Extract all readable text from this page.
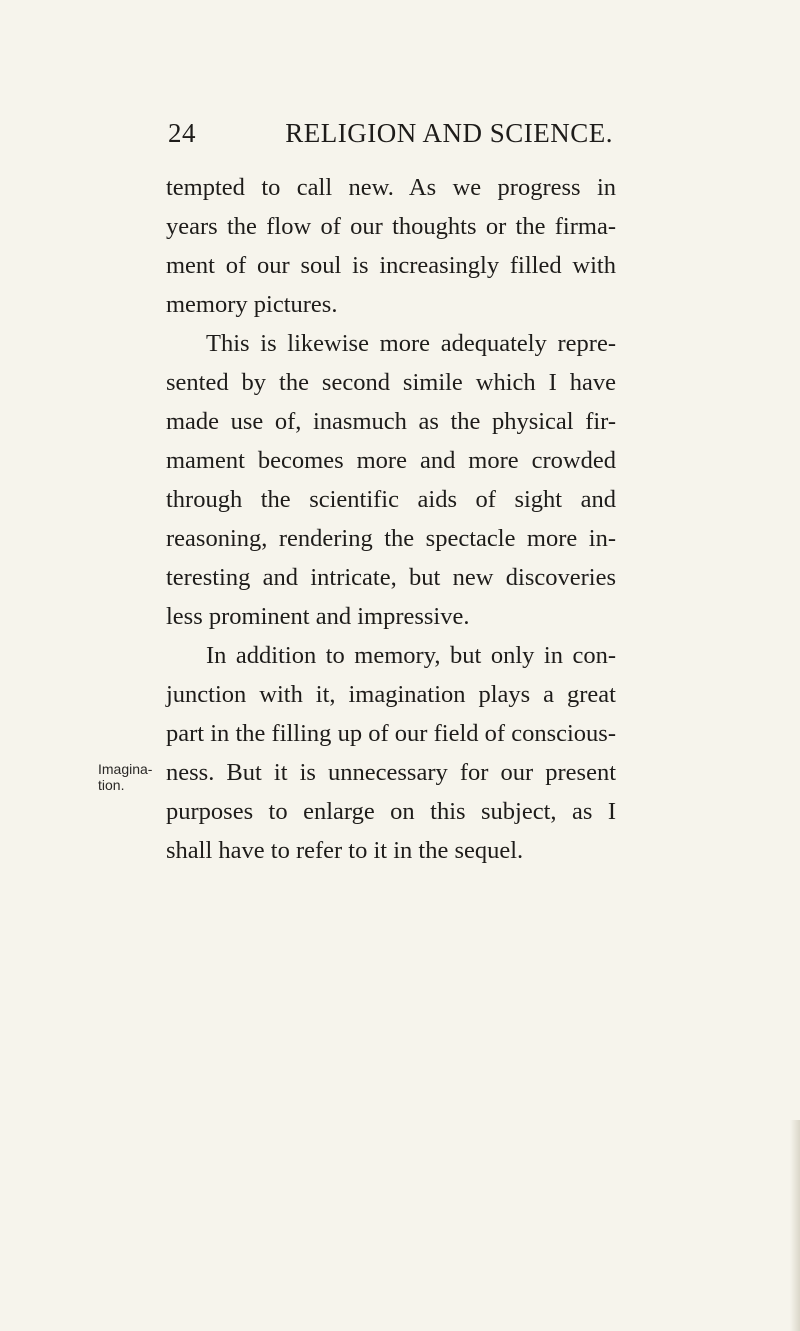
24	RELIGION AND SCIENCE.
Imagina-
tion.
tempted to call new. As we progress in
years the flow of our thoughts or the firma-
ment of our soul is increasingly filled with
memory pictures.
This is likewise more adequately repre-
sented by the second simile which I have
made use of, inasmuch as the physical fir-
mament becomes more and more crowded
through the scientific aids of sight and
reasoning, rendering the spectacle more in-
teresting and intricate, but new discoveries
less prominent and impressive.
In addition to memory, but only in con-
junction with it, imagination plays a great
part in the filling up of our field of conscious-
ness. But it is unnecessary for our present
purposes to enlarge on this subject, as I
shall have to refer to it in the sequel.
